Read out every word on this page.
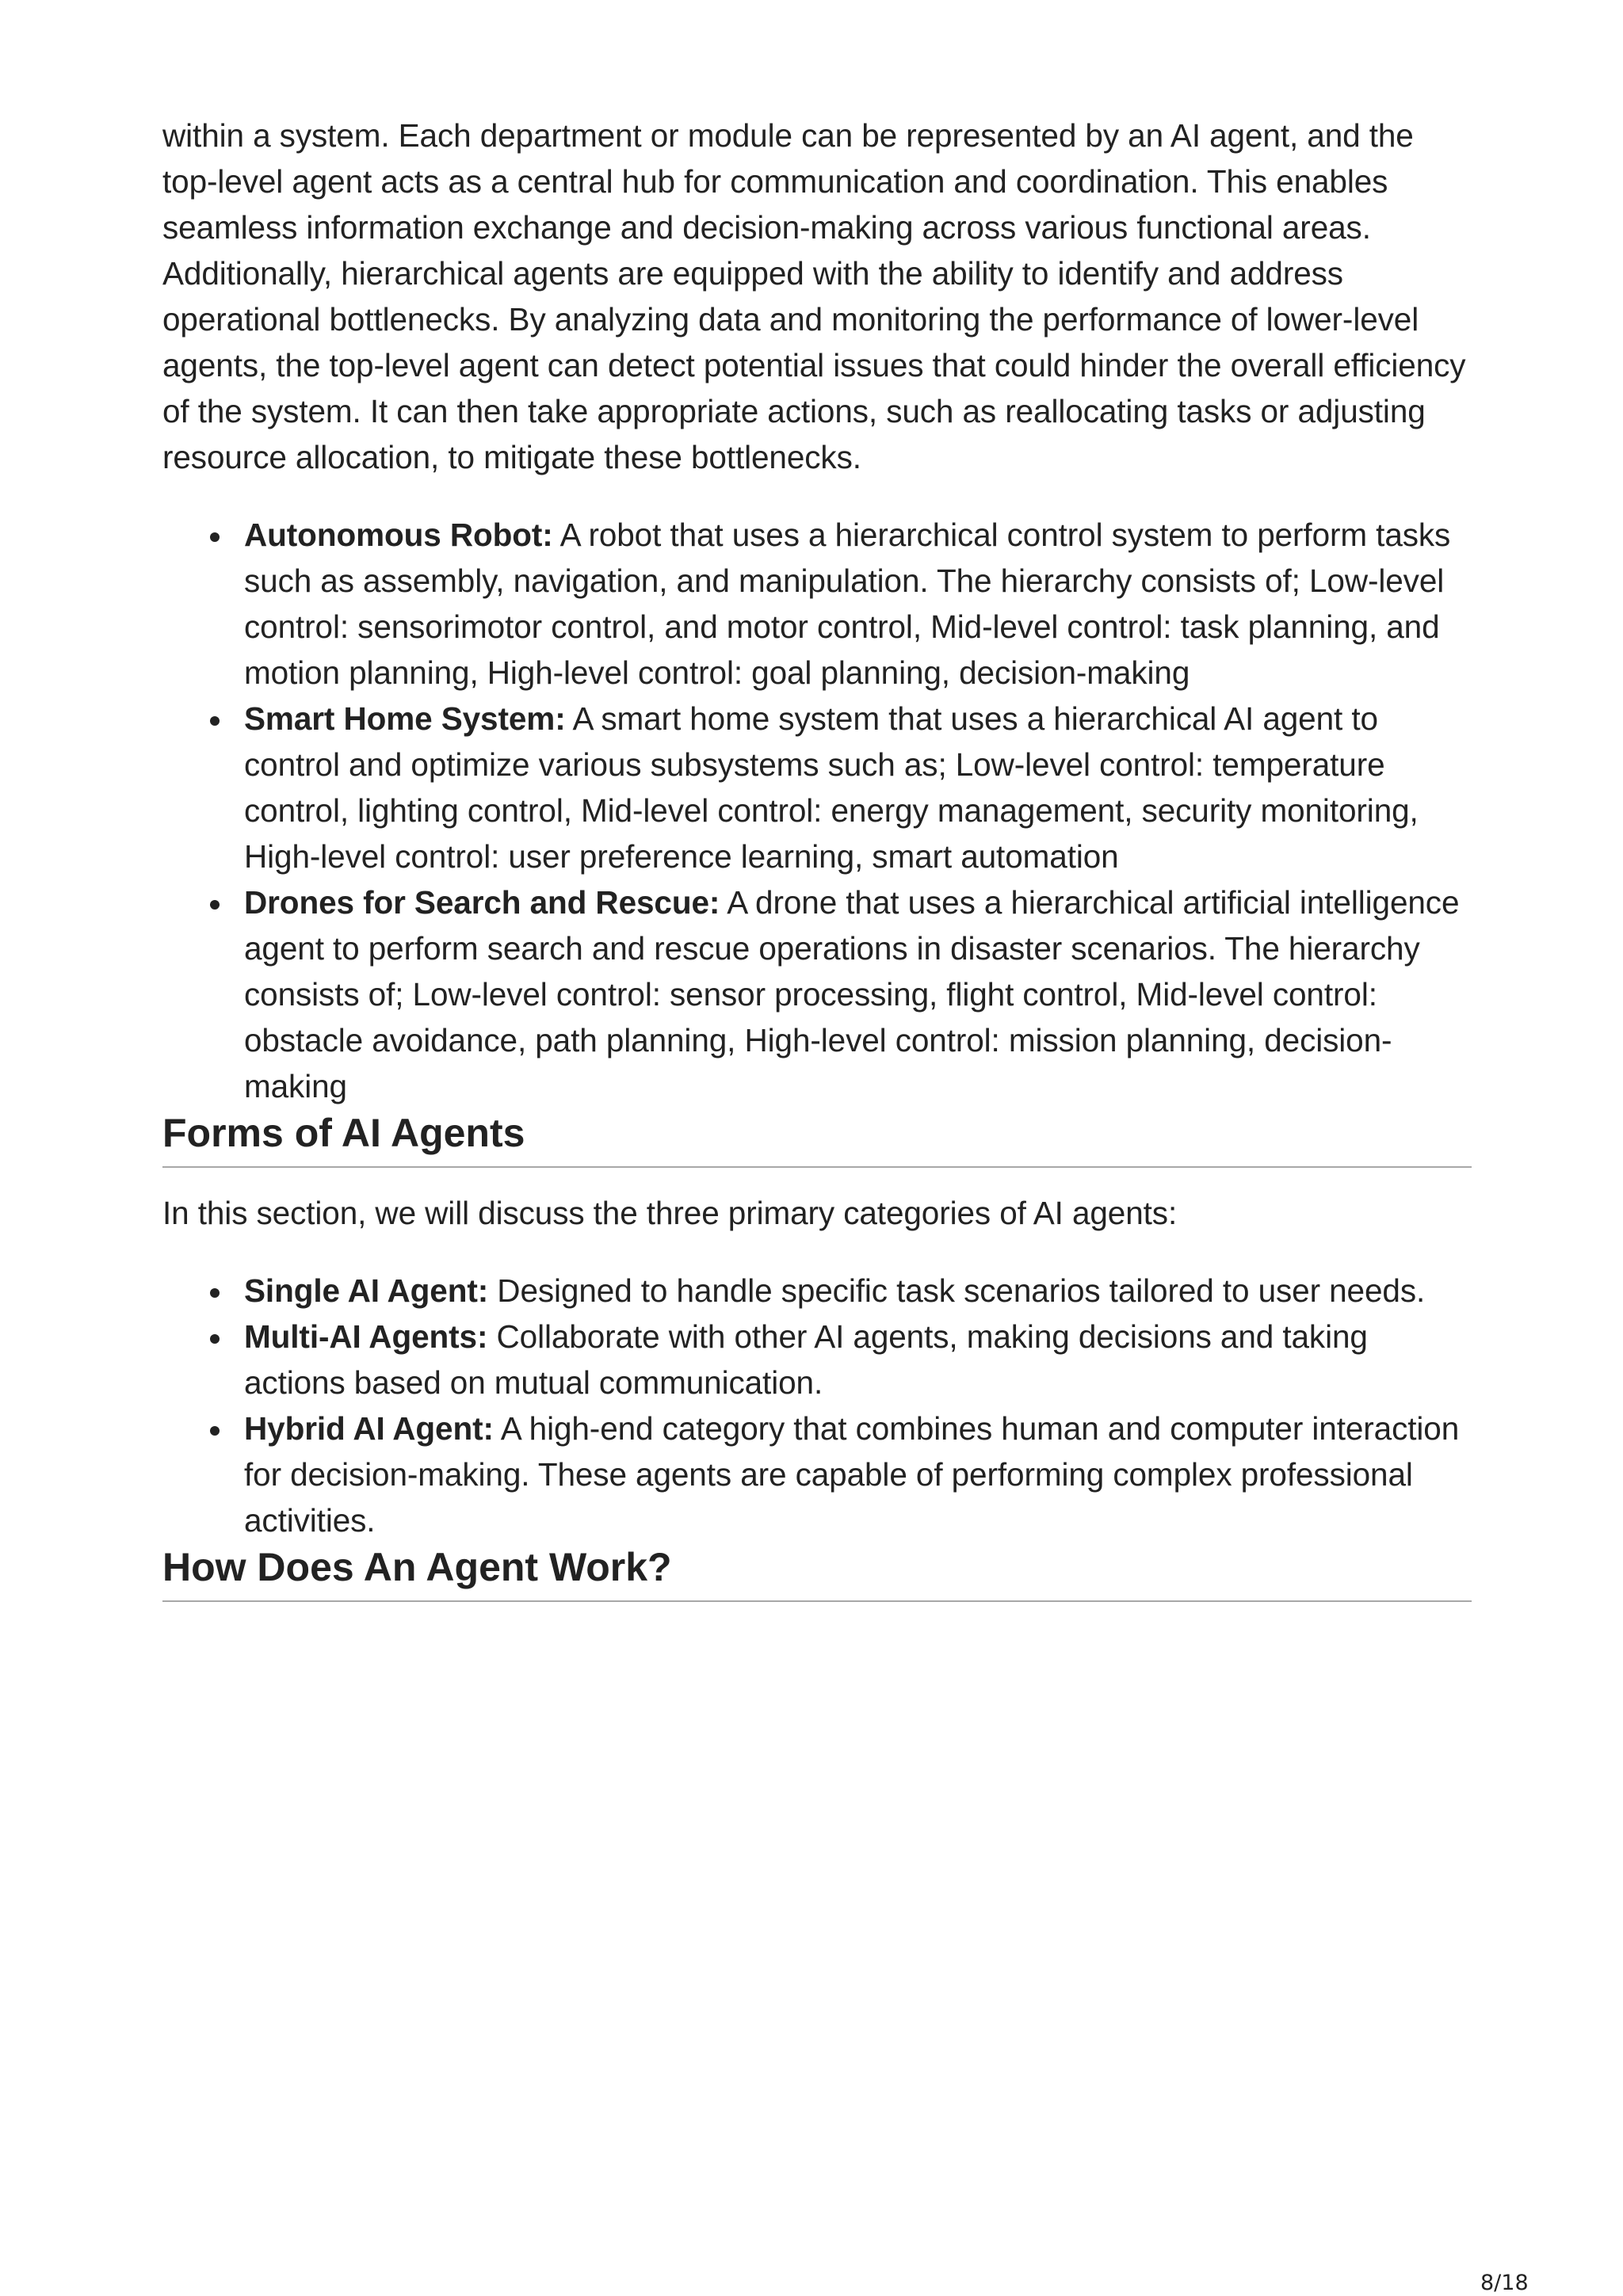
within a system. Each department or module can be represented by an AI agent, and the top-level agent acts as a central hub for communication and coordination. This enables seamless information exchange and decision-making across various functional areas. Additionally, hierarchical agents are equipped with the ability to identify and address operational bottlenecks. By analyzing data and monitoring the performance of lower-level agents, the top-level agent can detect potential issues that could hinder the overall efficiency of the system. It can then take appropriate actions, such as reallocating tasks or adjusting resource allocation, to mitigate these bottlenecks.

Autonomous Robot: A robot that uses a hierarchical control system to perform tasks such as assembly, navigation, and manipulation. The hierarchy consists of; Low-level control: sensorimotor control, and motor control, Mid-level control: task planning, and motion planning, High-level control: goal planning, decision-making
Smart Home System: A smart home system that uses a hierarchical AI agent to control and optimize various subsystems such as; Low-level control: temperature control, lighting control, Mid-level control: energy management, security monitoring, High-level control: user preference learning, smart automation
Drones for Search and Rescue: A drone that uses a hierarchical artificial intelligence agent to perform search and rescue operations in disaster scenarios. The hierarchy consists of; Low-level control: sensor processing, flight control, Mid-level control: obstacle avoidance, path planning, High-level control: mission planning, decision-making
Forms of AI Agents

In this section, we will discuss the three primary categories of AI agents:

Single AI Agent: Designed to handle specific task scenarios tailored to user needs.
Multi-AI Agents: Collaborate with other AI agents, making decisions and taking actions based on mutual communication.
Hybrid AI Agent: A high-end category that combines human and computer interaction for decision-making. These agents are capable of performing complex professional activities.
How Does An Agent Work?
8/18
